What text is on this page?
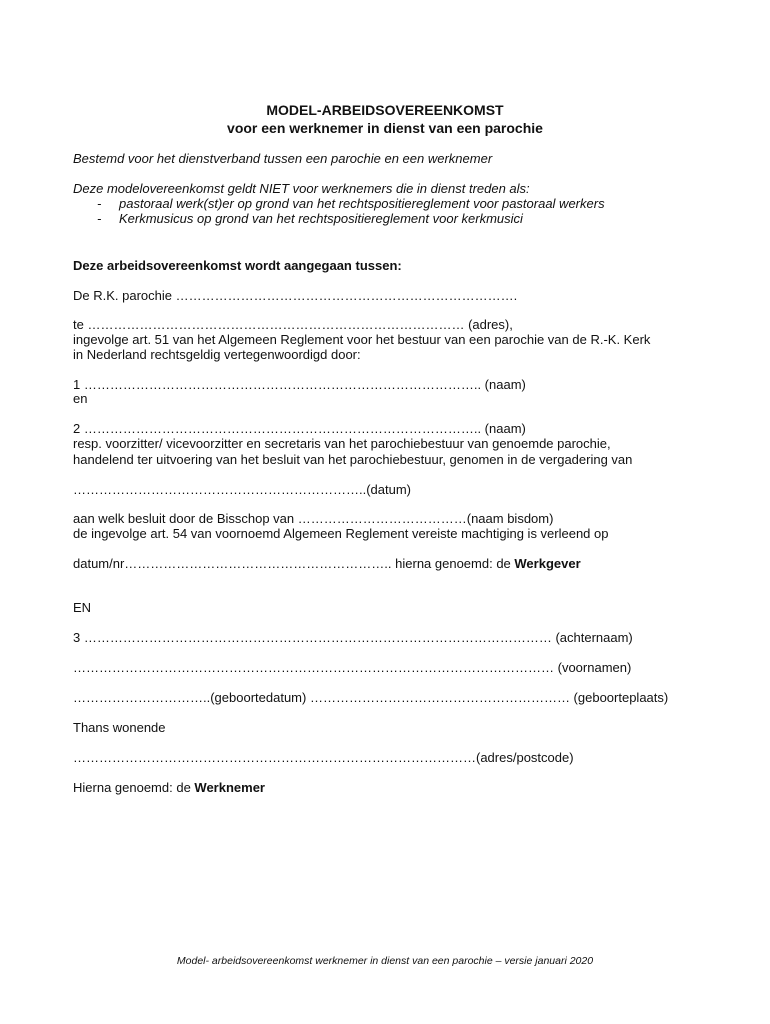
MODEL-ARBEIDSOVEREENKOMST
voor een werknemer in dienst van een parochie
Bestemd voor het dienstverband tussen een parochie en een werknemer
Deze modelovereenkomst geldt NIET voor werknemers die in dienst treden als:
- pastoraal werk(st)er op grond van het rechtspositiereglement voor pastoraal werkers
- Kerkmusicus op grond van het rechtspositiereglement voor kerkmusici
Deze arbeidsovereenkomst wordt aangegaan tussen:
De R.K. parochie …………………………………………………………………….
te …………………………………………………………………………… (adres),
ingevolge art. 51 van het Algemeen Reglement voor het bestuur van een parochie van de R.-K. Kerk
in Nederland rechtsgeldig vertegenwoordigd door:
1 ……………………………………………………………………………….. (naam)
en
2 ……………………………………………………………………………….. (naam)
resp. voorzitter/ vicevoorzitter en secretaris van het parochiebestuur van genoemde parochie,
handelend ter uitvoering van het besluit van het parochiebestuur, genomen in de vergadering van
…………………………………………………………..(datum)
aan welk besluit door de Bisschop van …………………………………(naam bisdom)
de ingevolge art. 54 van voornoemd Algemeen Reglement vereiste machtiging is verleend op
datum/nr…………………………………………………….. hierna genoemd: de Werkgever
EN
3 ……………………………………………………………………………………………… (achternaam)
………………………………………………………………………………………………… (voornamen)
…………………………..(geboortedatum) …………………………………………………… (geboorteplaats)
Thans wonende
…………………………………………………………………………………(adres/postcode)
Hierna genoemd: de Werknemer
Model- arbeidsovereenkomst werknemer in dienst van een parochie – versie januari 2020
